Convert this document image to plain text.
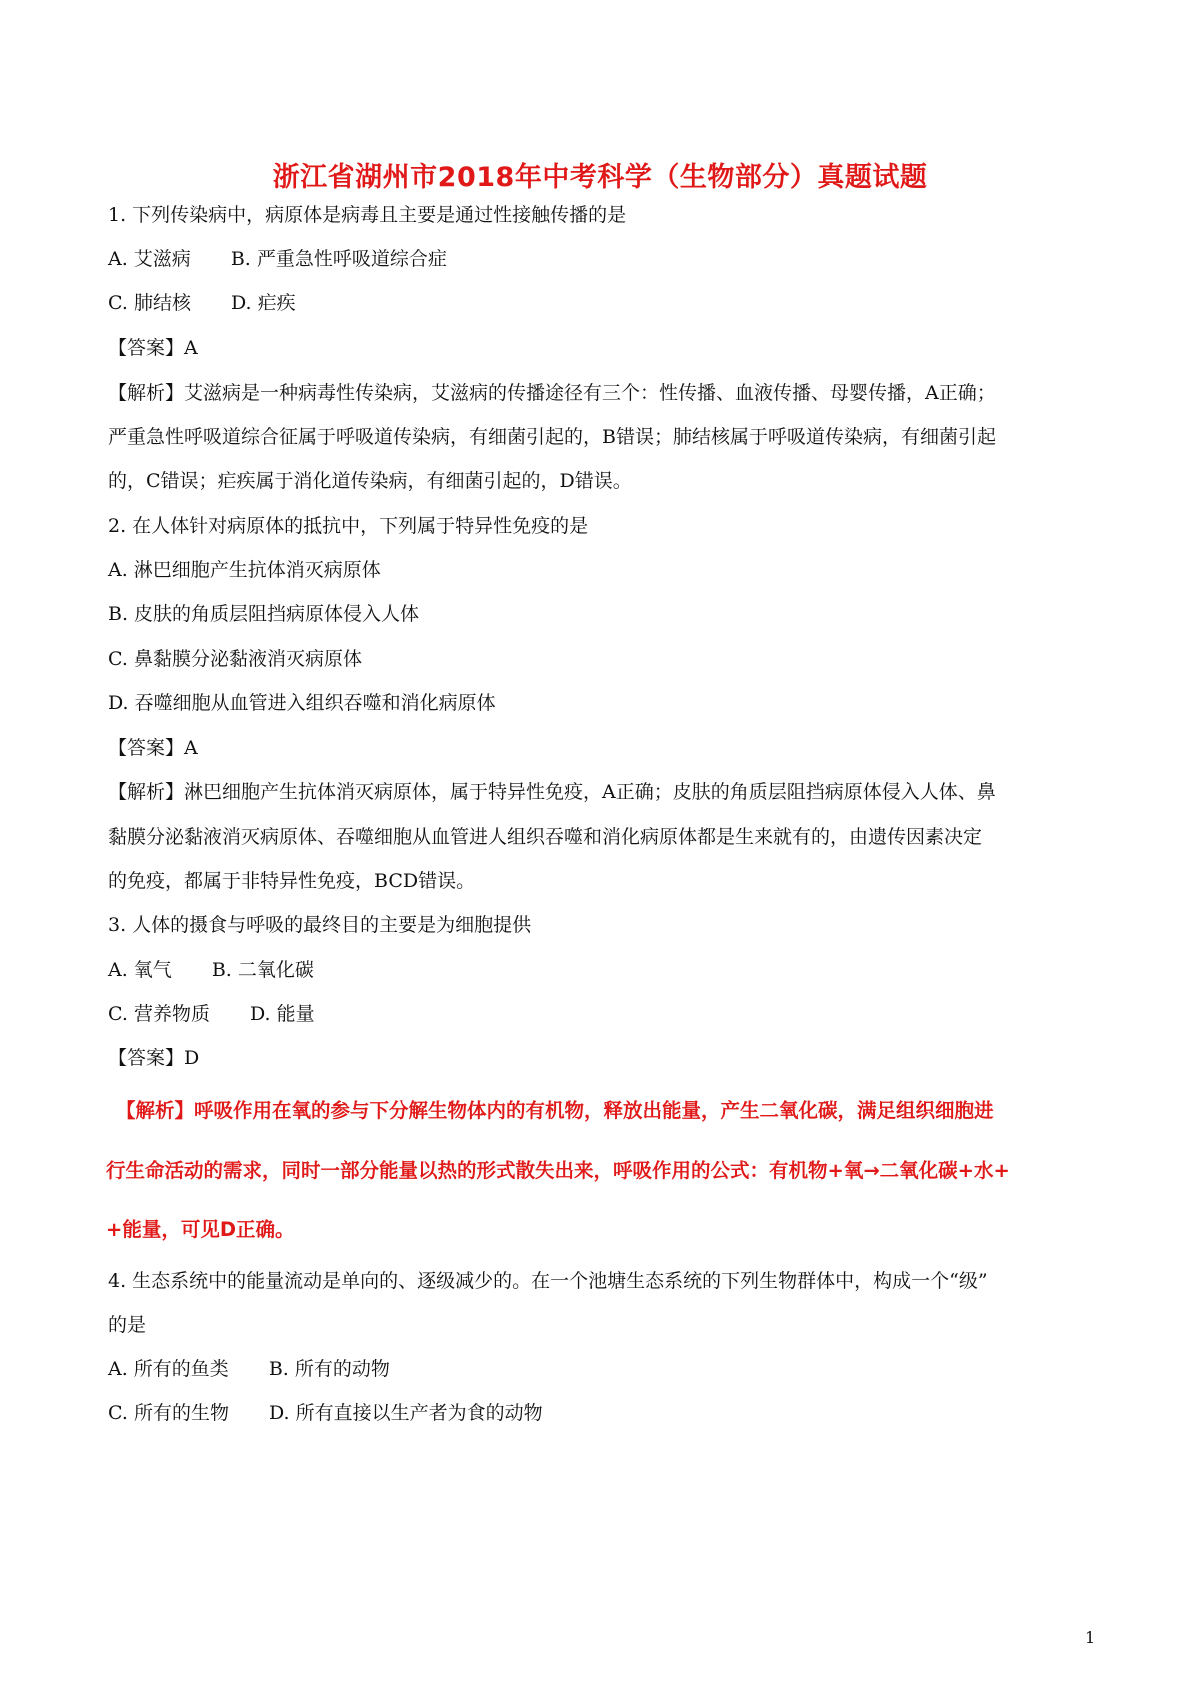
浙江省湖州市2018年中考科学（生物部分）真题试题
1. 下列传染病中，病原体是病毒且主要是通过性接触传播的是
A. 艾滋病 B. 严重急性呼吸道综合症
C. 肺结核 D. 疟疾
【答案】A
【解析】艾滋病是一种病毒性传染病，艾滋病的传播途径有三个：性传播、血液传播、母婴传播，A正确；
严重急性呼吸道综合征属于呼吸道传染病，有细菌引起的，B错误；肺结核属于呼吸道传染病，有细菌引起
的，C错误；疟疾属于消化道传染病，有细菌引起的，D错误。
2. 在人体针对病原体的抵抗中，下列属于特异性免疫的是
A. 淋巴细胞产生抗体消灭病原体
B. 皮肤的角质层阻挡病原体侵入人体
C. 鼻黏膜分泌黏液消灭病原体
D. 吞噬细胞从血管进入组织吞噬和消化病原体
【答案】A
【解析】淋巴细胞产生抗体消灭病原体，属于特异性免疫，A正确；皮肤的角质层阻挡病原体侵入人体、鼻
黏膜分泌黏液消灭病原体、吞噬细胞从血管进人组织吞噬和消化病原体都是生来就有的，由遗传因素决定
的免疫，都属于非特异性免疫，BCD错误。
3. 人体的摄食与呼吸的最终目的主要是为细胞提供
A. 氧气 B. 二氧化碳
C. 营养物质 D. 能量
【答案】D
【解析】呼吸作用在氧的参与下分解生物体内的有机物，释放出能量，产生二氧化碳，满足组织细胞进
行生命活动的需求，同时一部分能量以热的形式散失出来，呼吸作用的公式：有机物+氧→二氧化碳+水+
+能量，可见D正确。
4. 生态系统中的能量流动是单向的、逐级减少的。在一个池塘生态系统的下列生物群体中，构成一个“级”
的是
A. 所有的鱼类 B. 所有的动物
C. 所有的生物 D. 所有直接以生产者为食的动物
1
